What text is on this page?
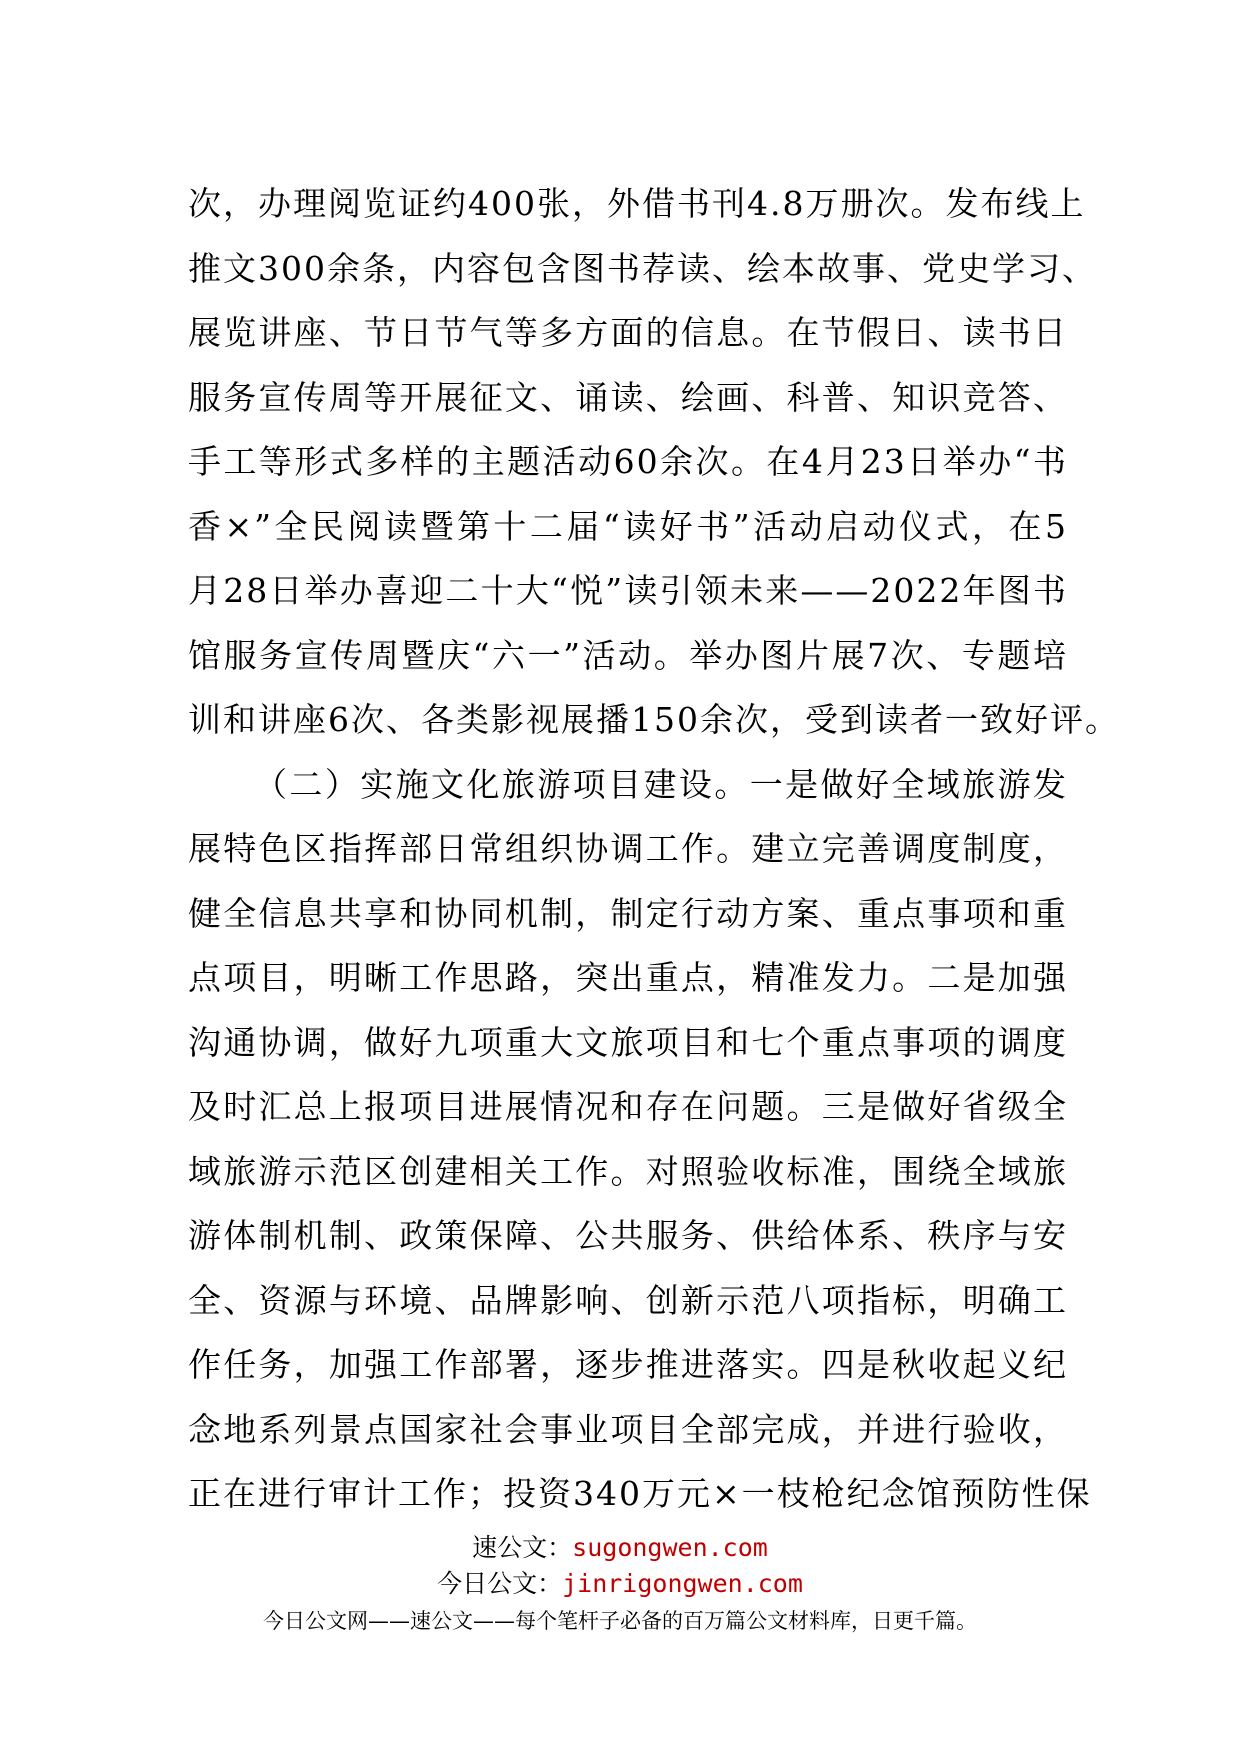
次，办理阅览证约400张，外借书刊4.8万册次。发布线上
推文300余条，内容包含图书荐读、绘本故事、党史学习、
展览讲座、节日节气等多方面的信息。在节假日、读书日
服务宣传周等开展征文、诵读、绘画、科普、知识竞答、
手工等形式多样的主题活动60余次。在4月23日举办“书
香×”全民阅读暨第十二届“读好书”活动启动仪式，在5
月28日举办喜迎二十大“悦”读引领未来——2022年图书
馆服务宣传周暨庆“六一”活动。举办图片展7次、专题培
训和讲座6次、各类影视展播150余次，受到读者一致好评。
（二）实施文化旅游项目建设。一是做好全域旅游发
展特色区指挥部日常组织协调工作。建立完善调度制度，
健全信息共享和协同机制，制定行动方案、重点事项和重
点项目，明晰工作思路，突出重点，精准发力。二是加强
沟通协调，做好九项重大文旅项目和七个重点事项的调度
及时汇总上报项目进展情况和存在问题。三是做好省级全
域旅游示范区创建相关工作。对照验收标准，围绕全域旅
游体制机制、政策保障、公共服务、供给体系、秩序与安
全、资源与环境、品牌影响、创新示范八项指标，明确工
作任务，加强工作部署，逐步推进落实。四是秋收起义纪
念地系列景点国家社会事业项目全部完成，并进行验收，
正在进行审计工作；投资340万元×一枝枪纪念馆预防性保
速公文：sugongwen.com
今日公文：jinrigongwen.com
今日公文网——速公文——每个笔杆子必备的百万篇公文材料库，日更千篇。
